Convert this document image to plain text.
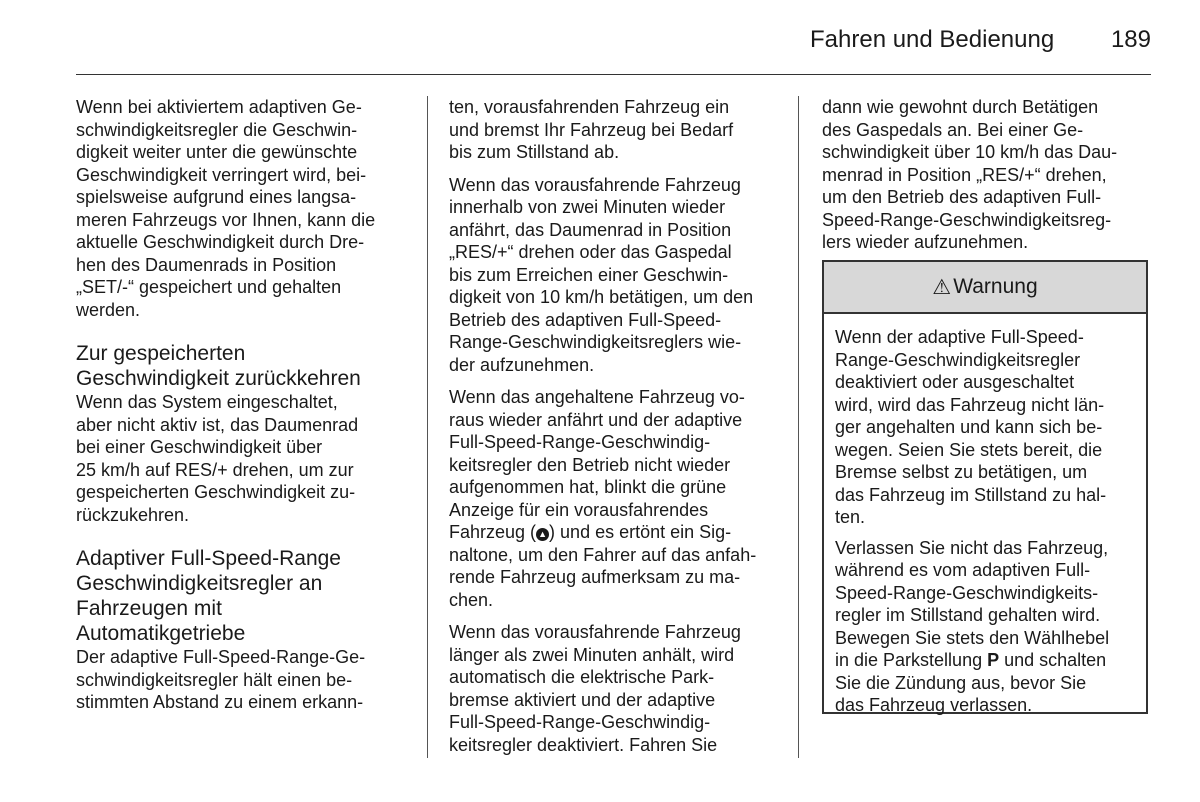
Fahren und Bedienung 189

Wenn bei aktiviertem adaptiven Ge-
schwindigkeitsregler die Geschwin-
digkeit weiter unter die gewünschte
Geschwindigkeit verringert wird, bei-
spielsweise aufgrund eines langsa-
meren Fahrzeugs vor Ihnen, kann die
aktuelle Geschwindigkeit durch Dre-
hen des Daumenrads in Position
„SET/-“ gespeichert und gehalten
werden.

Zur gespeicherten
Geschwindigkeit zurückkehren

Wenn das System eingeschaltet,
aber nicht aktiv ist, das Daumenrad
bei einer Geschwindigkeit über
25 km/h auf RES/+ drehen, um zur
gespeicherten Geschwindigkeit zu-
rückzukehren.

Adaptiver Full-Speed-Range
Geschwindigkeitsregler an
Fahrzeugen mit
Automatikgetriebe

Der adaptive Full-Speed-Range-Ge-
schwindigkeitsregler hält einen be-
stimmten Abstand zu einem erkann-

ten, vorausfahrenden Fahrzeug ein
und bremst Ihr Fahrzeug bei Bedarf
bis zum Stillstand ab.

Wenn das vorausfahrende Fahrzeug
innerhalb von zwei Minuten wieder
anfährt, das Daumenrad in Position
„RES/+“ drehen oder das Gaspedal
bis zum Erreichen einer Geschwin-
digkeit von 10 km/h betätigen, um den
Betrieb des adaptiven Full-Speed-
Range-Geschwindigkeitsreglers wie-
der aufzunehmen.

Wenn das angehaltene Fahrzeug vo-
raus wieder anfährt und der adaptive
Full-Speed-Range-Geschwindig-
keitsregler den Betrieb nicht wieder
aufgenommen hat, blinkt die grüne
Anzeige für ein vorausfahrendes
Fahrzeug ( ▲ ) und es ertönt ein Sig-
naltone, um den Fahrer auf das anfah-
rende Fahrzeug aufmerksam zu ma-
chen.

Wenn das vorausfahrende Fahrzeug
länger als zwei Minuten anhält, wird
automatisch die elektrische Park-
bremse aktiviert und der adaptive
Full-Speed-Range-Geschwindig-
keitsregler deaktiviert. Fahren Sie

dann wie gewohnt durch Betätigen
des Gaspedals an. Bei einer Ge-
schwindigkeit über 10 km/h das Dau-
menrad in Position „RES/+“ drehen,
um den Betrieb des adaptiven Full-
Speed-Range-Geschwindigkeitsreg-
lers wieder aufzunehmen.

⚠ Warnung

Wenn der adaptive Full-Speed-
Range-Geschwindigkeitsregler
deaktiviert oder ausgeschaltet
wird, wird das Fahrzeug nicht län-
ger angehalten und kann sich be-
wegen. Seien Sie stets bereit, die
Bremse selbst zu betätigen, um
das Fahrzeug im Stillstand zu hal-
ten.

Verlassen Sie nicht das Fahrzeug,
während es vom adaptiven Full-
Speed-Range-Geschwindigkeits-
regler im Stillstand gehalten wird.
Bewegen Sie stets den Wählhebel
in die Parkstellung P und schalten
Sie die Zündung aus, bevor Sie
das Fahrzeug verlassen.
